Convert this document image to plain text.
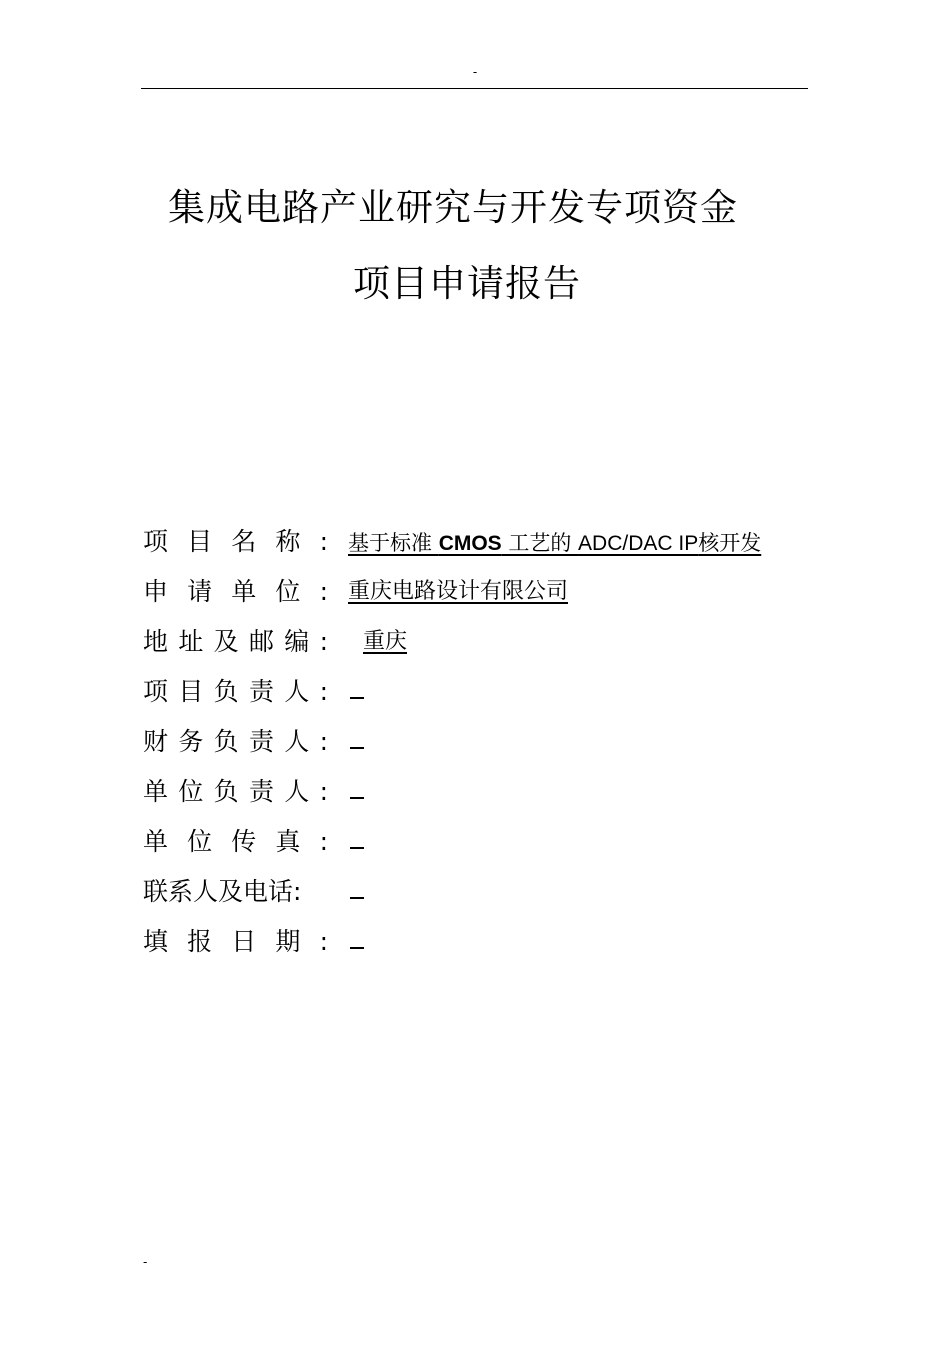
-
集成电路产业研究与开发专项资金
项目申请报告
项 目 名 称 : 基于标准 CMOS 工艺的 ADC/DAC IP核开发
申 请 单 位 : 重庆电路设计有限公司
地 址 及 邮 编 : 重庆
项 目 负 责 人 :
财 务 负 责 人 :
单 位 负 责 人 :
单 位 传 真 :
联系人及电话:
填 报 日 期 :
-
